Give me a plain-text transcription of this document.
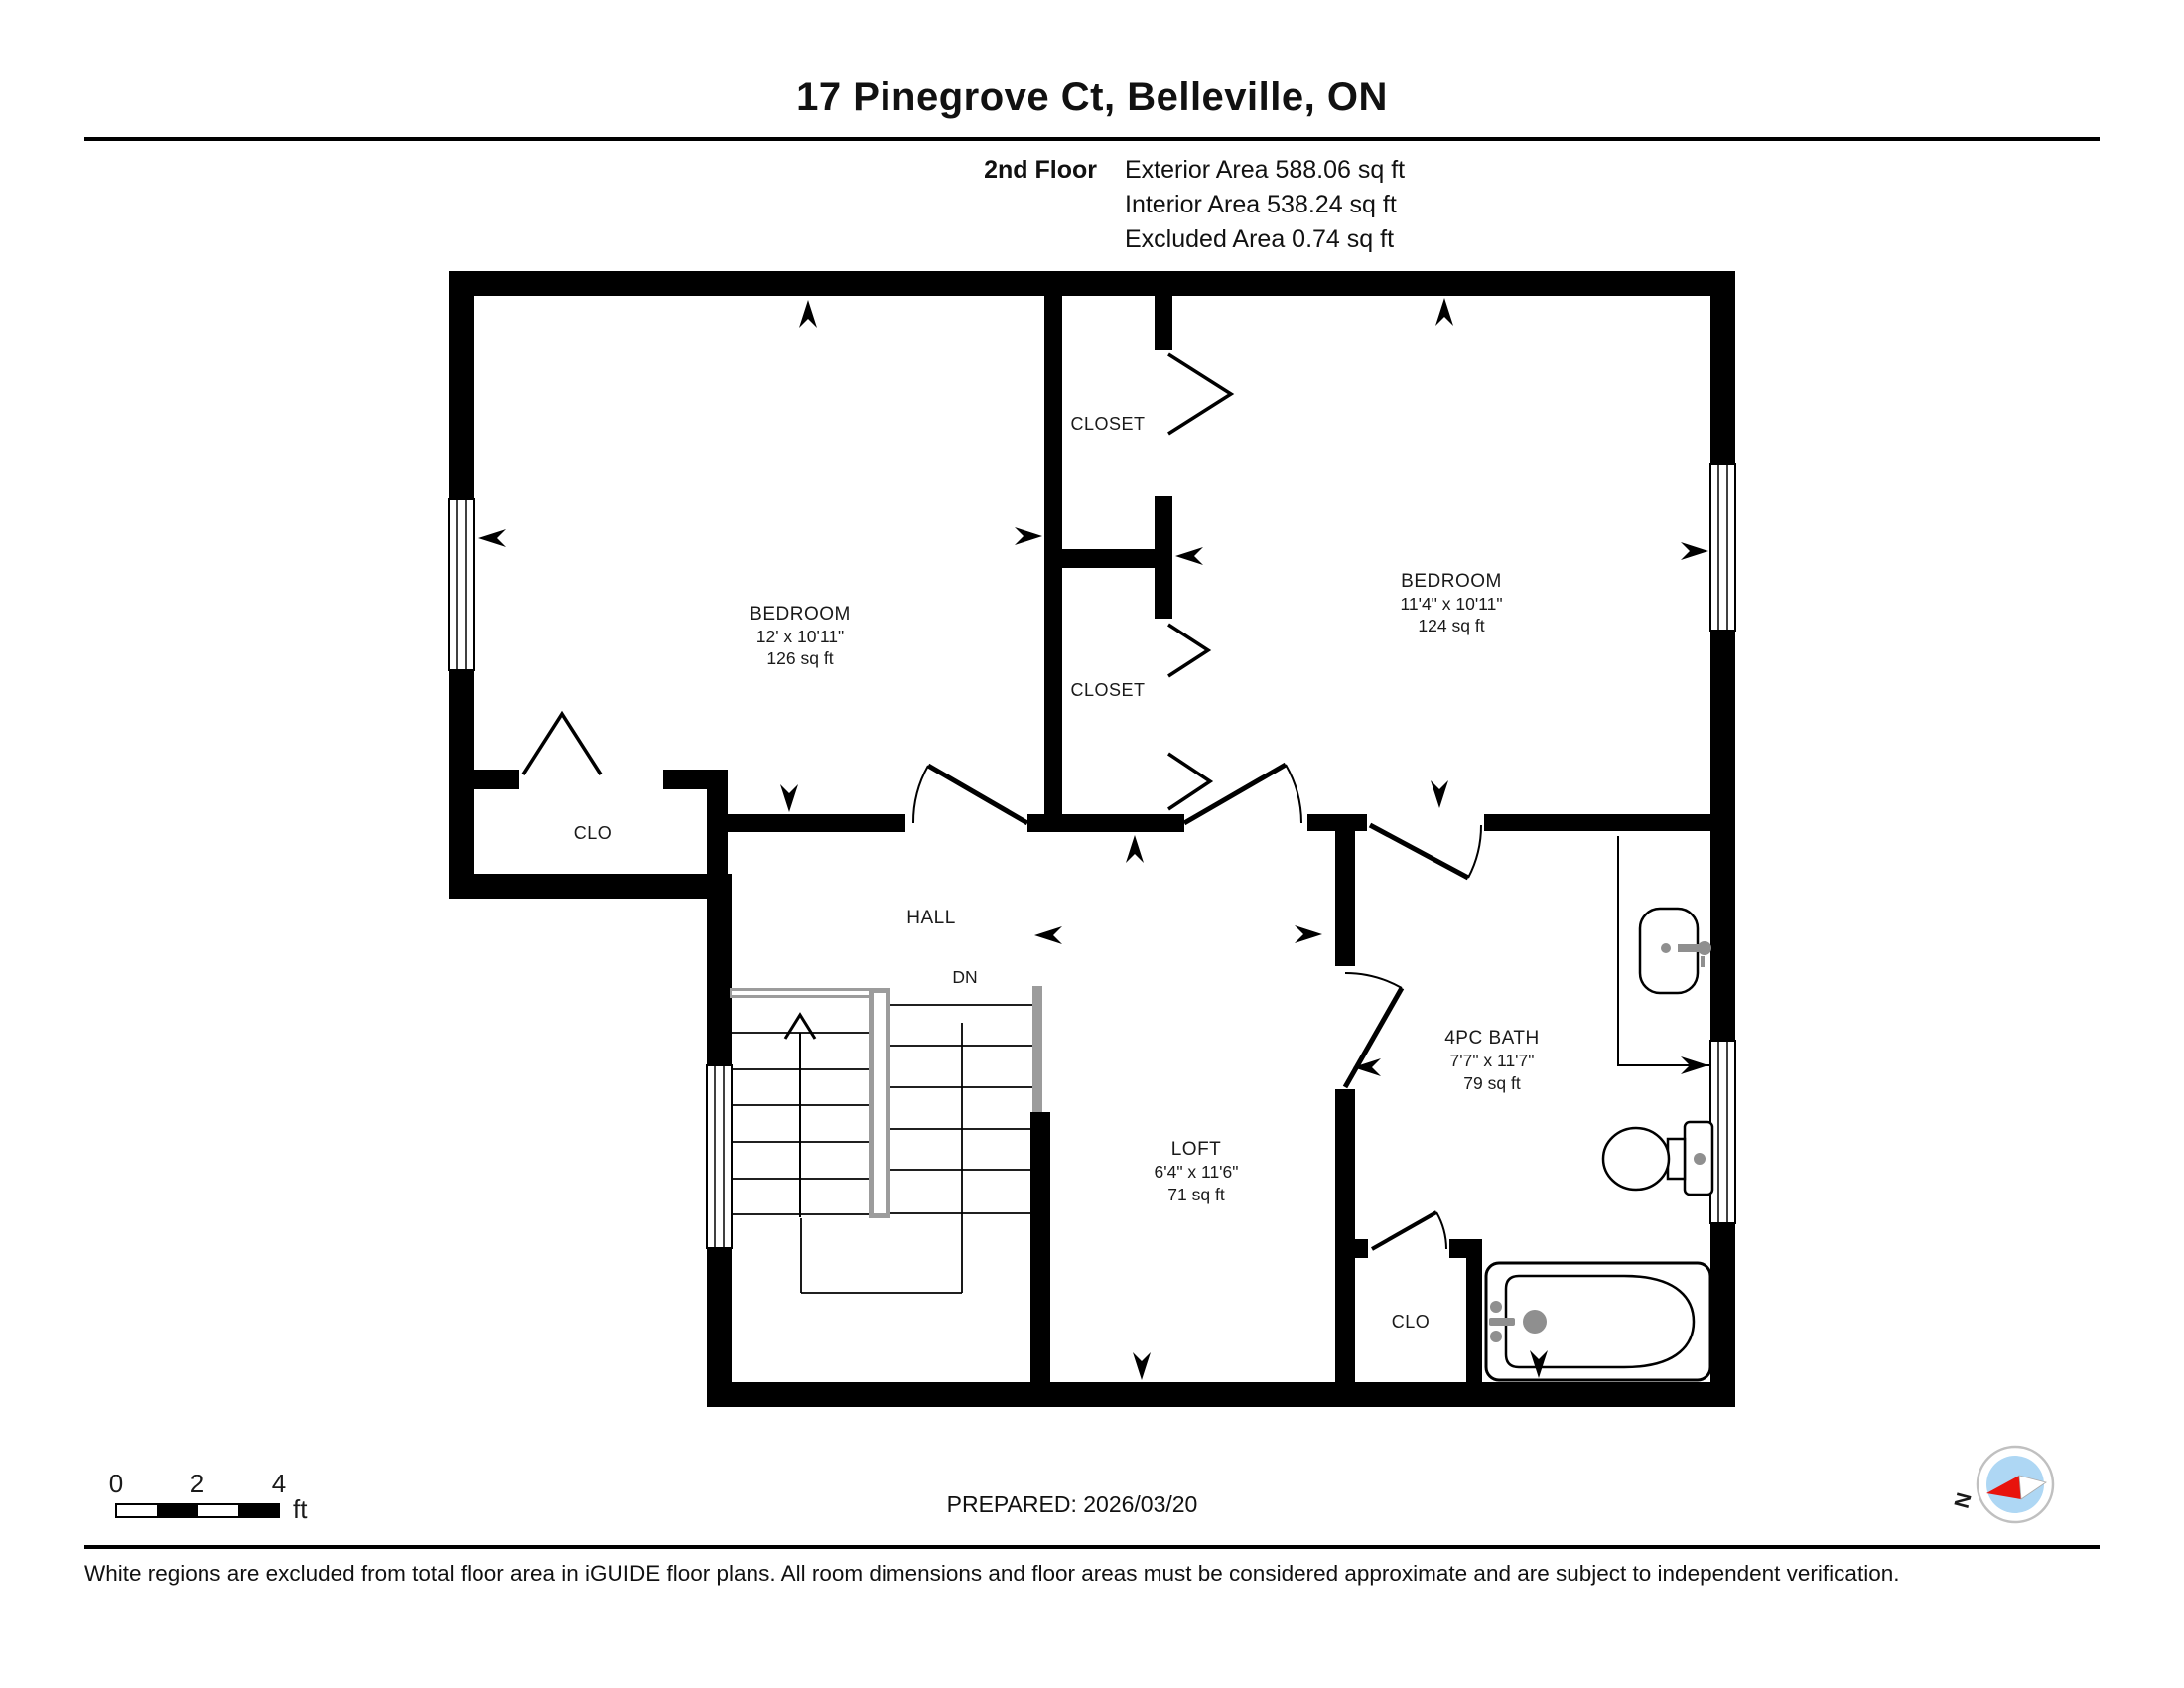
17 Pinegrove Ct, Belleville, ON
2nd Floor Exterior Area 588.06 sq ft
Interior Area 538.24 sq ft
Excluded Area 0.74 sq ft
BEDROOM
12' x 10'11"
126 sq ft
BEDROOM
11'4" x 10'11"
124 sq ft
LOFT
6'4" x 11'6"
71 sq ft
4PC BATH
7'7" x 11'7"
79 sq ft
CLOSET
CLOSET
CLO
CLO
HALL
DN
0	2	4
ft	PREPARED: 2026/03/20	N
White regions are excluded from total floor area in iGUIDE floor plans. All room dimensions and floor areas must be considered approximate and are subject to independent verification.
